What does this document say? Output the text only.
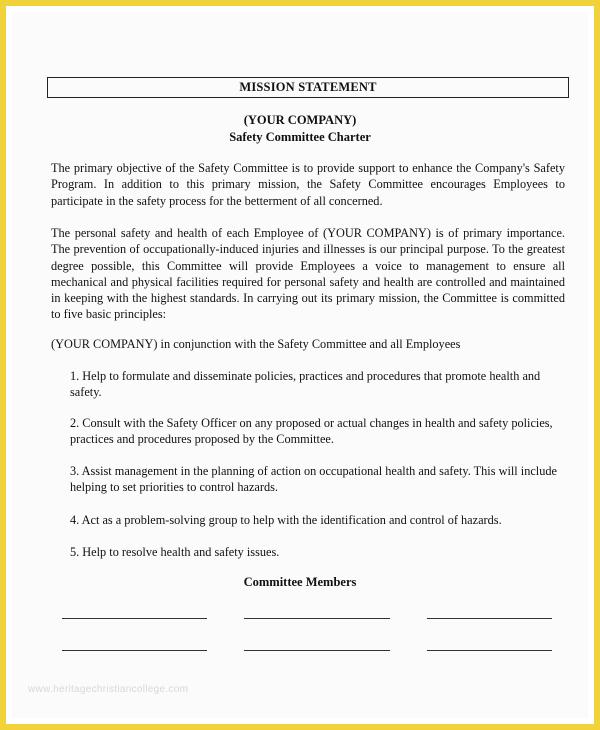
MISSION STATEMENT
(YOUR COMPANY)
Safety Committee Charter
The primary objective of the Safety Committee is to provide support to enhance the Company's Safety Program. In addition to this primary mission, the Safety Committee encourages Employees to participate in the safety process for the betterment of all concerned.
The personal safety and health of each Employee of (YOUR COMPANY) is of primary importance. The prevention of occupationally-induced injuries and illnesses is our principal purpose. To the greatest degree possible, this Committee will provide Employees a voice to management to ensure all mechanical and physical facilities required for personal safety and health are controlled and maintained in keeping with the highest standards. In carrying out its primary mission, the Committee is committed to five basic principles:
(YOUR COMPANY) in conjunction with the Safety Committee and all Employees
1. Help to formulate and disseminate policies, practices and procedures that promote health and safety.
2. Consult with the Safety Officer on any proposed or actual changes in health and safety policies, practices and procedures proposed by the Committee.
3. Assist management in the planning of action on occupational health and safety. This will include helping to set priorities to control hazards.
4. Act as a problem-solving group to help with the identification and control of hazards.
5. Help to resolve health and safety issues.
Committee Members
www.heritagechristiancollege.com
